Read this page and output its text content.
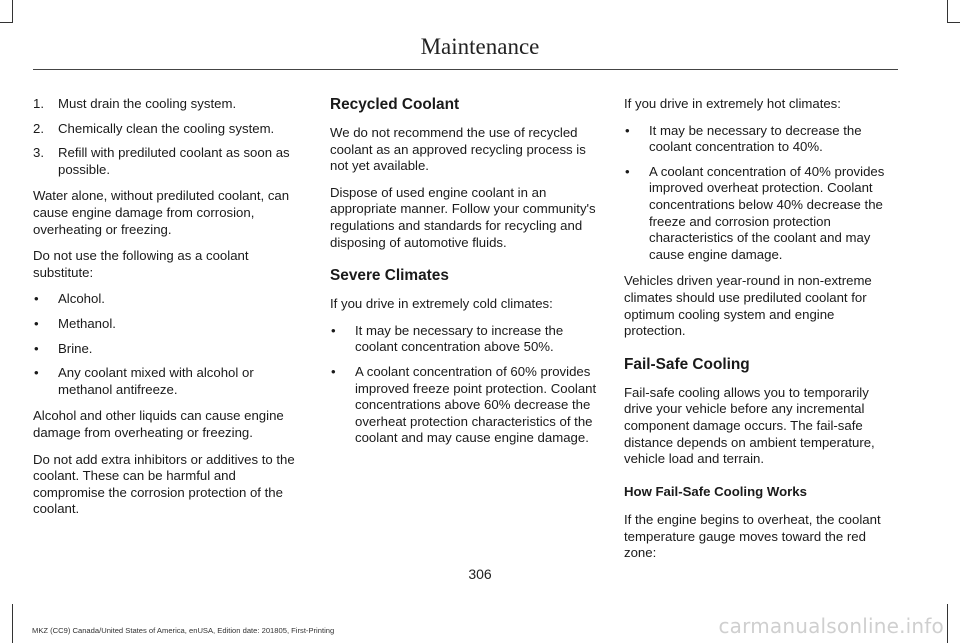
Maintenance
1. Must drain the cooling system.
2. Chemically clean the cooling system.
3. Refill with prediluted coolant as soon as possible.

Water alone, without prediluted coolant, can cause engine damage from corrosion, overheating or freezing.

Do not use the following as a coolant substitute:

• Alcohol.
• Methanol.
• Brine.
• Any coolant mixed with alcohol or methanol antifreeze.

Alcohol and other liquids can cause engine damage from overheating or freezing.

Do not add extra inhibitors or additives to the coolant. These can be harmful and compromise the corrosion protection of the coolant.

Recycled Coolant

We do not recommend the use of recycled coolant as an approved recycling process is not yet available.

Dispose of used engine coolant in an appropriate manner. Follow your community's regulations and standards for recycling and disposing of automotive fluids.

Severe Climates

If you drive in extremely cold climates:

• It may be necessary to increase the coolant concentration above 50%.
• A coolant concentration of 60% provides improved freeze point protection. Coolant concentrations above 60% decrease the overheat protection characteristics of the coolant and may cause engine damage.

If you drive in extremely hot climates:

• It may be necessary to decrease the coolant concentration to 40%.
• A coolant concentration of 40% provides improved overheat protection. Coolant concentrations below 40% decrease the freeze and corrosion protection characteristics of the coolant and may cause engine damage.

Vehicles driven year-round in non-extreme climates should use prediluted coolant for optimum cooling system and engine protection.

Fail-Safe Cooling

Fail-safe cooling allows you to temporarily drive your vehicle before any incremental component damage occurs. The fail-safe distance depends on ambient temperature, vehicle load and terrain.

How Fail-Safe Cooling Works

If the engine begins to overheat, the coolant temperature gauge moves toward the red zone:

306
MKZ (CC9) Canada/United States of America, enUSA, Edition date: 201805, First-Printing	carmanualsonline.info
